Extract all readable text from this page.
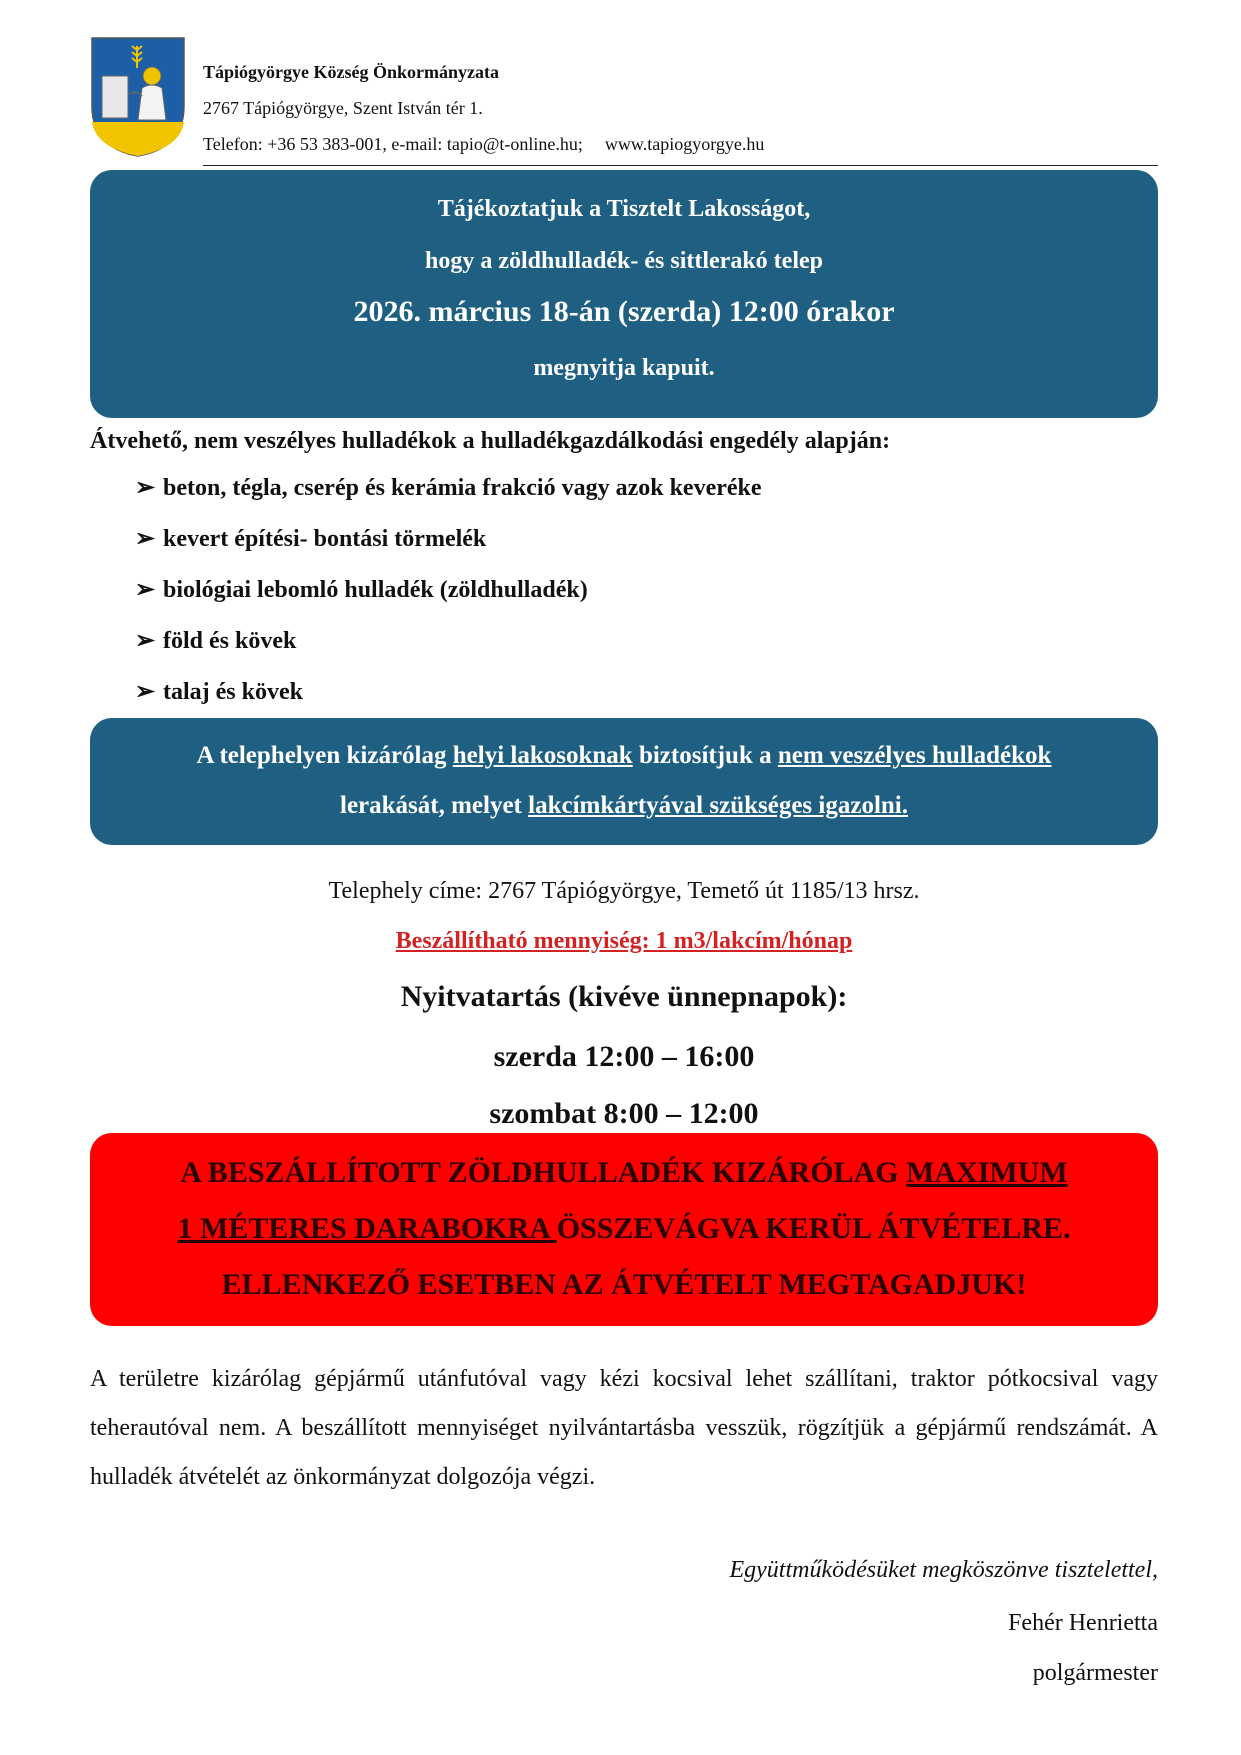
Tápiógyörgye Község Önkormányzata
2767 Tápiógyörgye, Szent István tér 1.
Telefon: +36 53 383-001, e-mail: tapio@t-online.hu; www.tapiogyorgye.hu
Tájékoztatjuk a Tisztelt Lakosságot,
hogy a zöldhulladék- és sittlerakó telep
2026. március 18-án (szerda) 12:00 órakor
megnyitja kapuit.
Átvehető, nem veszélyes hulladékok a hulladékgazdálkodási engedély alapján:
➢ beton, tégla, cserép és kerámia frakció vagy azok keveréke
➢ kevert építési- bontási törmelék
➢ biológiai lebomló hulladék (zöldhulladék)
➢ föld és kövek
➢ talaj és kövek
A telephelyen kizárólag helyi lakosoknak biztosítjuk a nem veszélyes hulladékok
lerakását, melyet lakcímkártyával szükséges igazolni.
Telephely címe: 2767 Tápiógyörgye, Temető út 1185/13 hrsz.
Beszállítható mennyiség: 1 m3/lakcím/hónap
Nyitvatartás (kivéve ünnepnapok):
szerda 12:00 – 16:00
szombat 8:00 – 12:00
A BESZÁLLÍTOTT ZÖLDHULLADÉK KIZÁRÓLAG MAXIMUM
1 MÉTERES DARABOKRA ÖSSZEVÁGVA KERÜL ÁTVÉTELRE.
ELLENKEZŐ ESETBEN AZ ÁTVÉTELT MEGTAGADJUK!
A területre kizárólag gépjármű utánfutóval vagy kézi kocsival lehet szállítani, traktor pótkocsival vagy teherautóval nem. A beszállított mennyiséget nyilvántartásba vesszük, rögzítjük a gépjármű rendszámát. A hulladék átvételét az önkormányzat dolgozója végzi.
Együttműködésüket megköszönve tisztelettel,
Fehér Henrietta
polgármester
